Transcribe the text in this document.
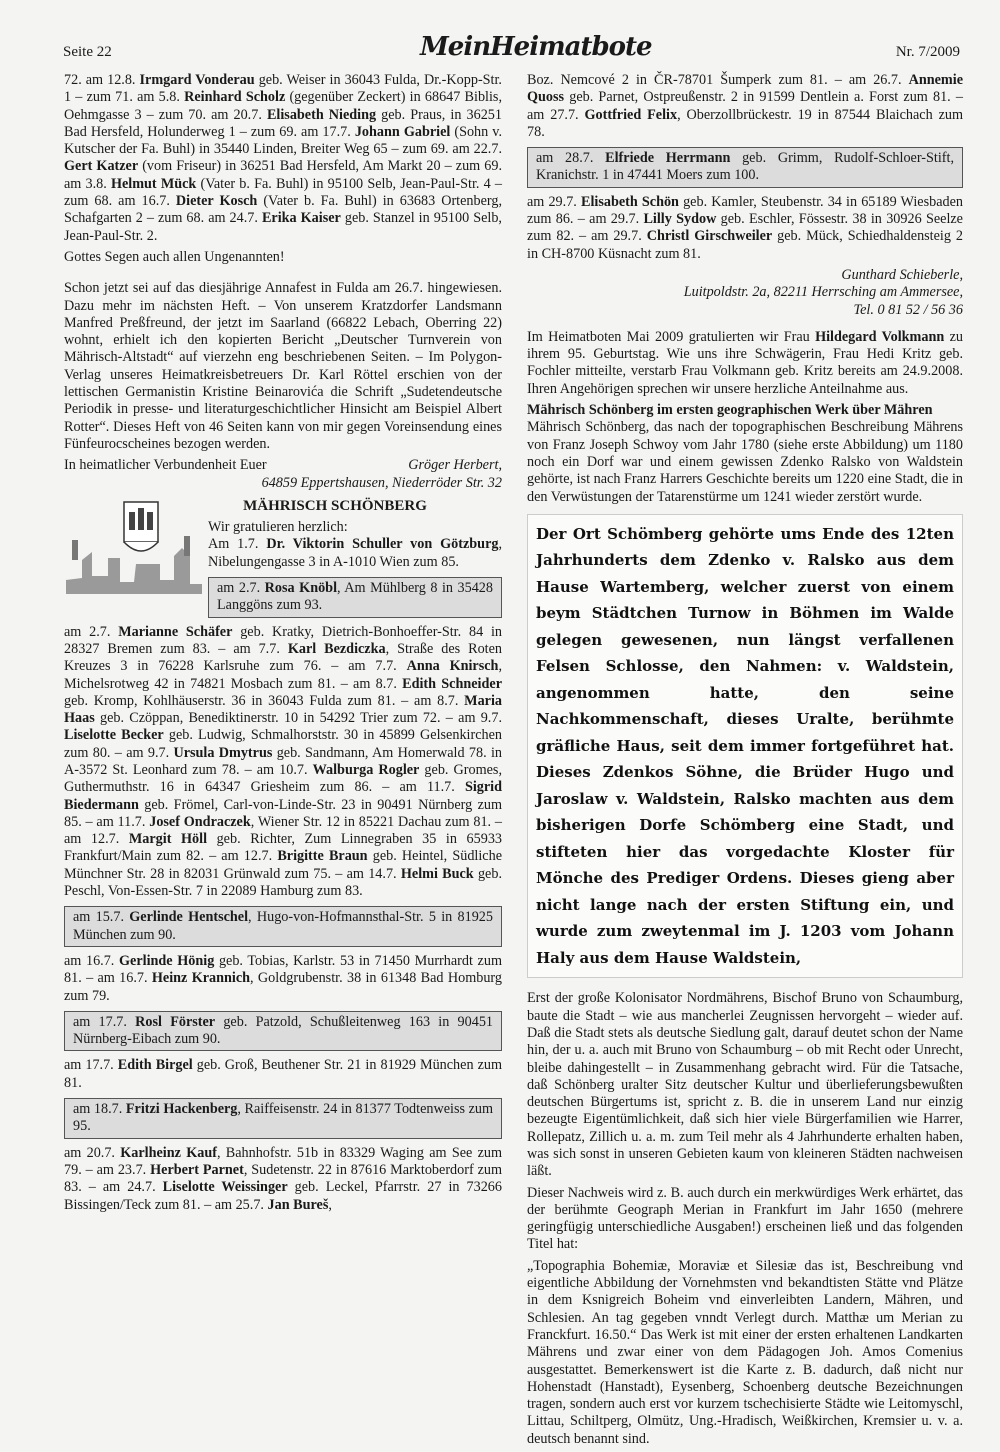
Seite 22	MeinHeimatbote	Nr. 7/2009

72. am 12.8. Irmgard Vonderau geb. Weiser in 36043 Fulda, Dr.-Kopp-Str. 1 – zum 71. am 5.8. Reinhard Scholz (gegenüber Zeckert) in 68647 Biblis, Oehmgasse 3 – zum 70. am 20.7. Elisabeth Nieding geb. Praus, in 36251 Bad Hersfeld, Holunderweg 1 – zum 69. am 17.7. Johann Gabriel (Sohn v. Kutscher der Fa. Buhl) in 35440 Linden, Breiter Weg 65 – zum 69. am 22.7. Gert Katzer (vom Friseur) in 36251 Bad Hersfeld, Am Markt 20 – zum 69. am 3.8. Helmut Mück (Vater b. Fa. Buhl) in 95100 Selb, Jean-Paul-Str. 4 – zum 68. am 16.7. Dieter Kosch (Vater b. Fa. Buhl) in 63683 Ortenberg, Schafgarten 2 – zum 68. am 24.7. Erika Kaiser geb. Stanzel in 95100 Selb, Jean-Paul-Str. 2.

Gottes Segen auch allen Ungenannten!

Schon jetzt sei auf das diesjährige Annafest in Fulda am 26.7. hingewiesen. Dazu mehr im nächsten Heft. – Von unserem Kratzdorfer Landsmann Manfred Preßfreund, der jetzt im Saarland (66822 Lebach, Oberring 22) wohnt, erhielt ich den kopierten Bericht „Deutscher Turnverein von Mährisch-Altstadt“ auf vierzehn eng beschriebenen Seiten. – Im Polygon-Verlag unseres Heimatkreisbetreuers Dr. Karl Röttel erschien von der lettischen Germanistin Kristine Beinarovića die Schrift „Sudetendeutsche Periodik in presse- und literaturgeschichtlicher Hinsicht am Beispiel Albert Rotter“. Dieses Heft von 46 Seiten kann von mir gegen Voreinsendung eines Fünfeurocscheines bezogen werden.

In heimatlicher Verbundenheit Euer	Gröger Herbert,
64859 Eppertshausen, Niederröder Str. 32
MÄHRISCH SCHÖNBERG
Wir gratulieren herzlich:

Am 1.7. Dr. Viktorin Schuller von Götzburg, Nibelungengasse 3 in A-1010 Wien zum 85.

am 2.7. Rosa Knöbl, Am Mühlberg 8 in 35428 Langgöns zum 93.

am 2.7. Marianne Schäfer geb. Kratky, Dietrich-Bonhoeffer-Str. 84 in 28327 Bremen zum 83. – am 7.7. Karl Bezdiczka, Straße des Roten Kreuzes 3 in 76228 Karlsruhe zum 76. – am 7.7. Anna Knirsch, Michelsrotweg 42 in 74821 Mosbach zum 81. – am 8.7. Edith Schneider geb. Kromp, Kohlhäuserstr. 36 in 36043 Fulda zum 81. – am 8.7. Maria Haas geb. Czöppan, Benediktinerstr. 10 in 54292 Trier zum 72. – am 9.7. Liselotte Becker geb. Ludwig, Schmalhorststr. 30 in 45899 Gelsenkirchen zum 80. – am 9.7. Ursula Dmytrus geb. Sandmann, Am Homerwald 78. in A-3572 St. Leonhard zum 78. – am 10.7. Walburga Rogler geb. Gromes, Guthermuthstr. 16 in 64347 Griesheim zum 86. – am 11.7. Sigrid Biedermann geb. Frömel, Carl-von-Linde-Str. 23 in 90491 Nürnberg zum 85. – am 11.7. Josef Ondraczek, Wiener Str. 12 in 85221 Dachau zum 81. – am 12.7. Margit Höll geb. Richter, Zum Linnegraben 35 in 65933 Frankfurt/Main zum 82. – am 12.7. Brigitte Braun geb. Heintel, Südliche Münchner Str. 28 in 82031 Grünwald zum 75. – am 14.7. Helmi Buck geb. Peschl, Von-Essen-Str. 7 in 22089 Hamburg zum 83.

am 15.7. Gerlinde Hentschel, Hugo-von-Hofmannsthal-Str. 5 in 81925 München zum 90.

am 16.7. Gerlinde Hönig geb. Tobias, Karlstr. 53 in 71450 Murrhardt zum 81. – am 16.7. Heinz Krannich, Goldgrubenstr. 38 in 61348 Bad Homburg zum 79.

am 17.7. Rosl Förster geb. Patzold, Schußleitenweg 163 in 90451 Nürnberg-Eibach zum 90.

am 17.7. Edith Birgel geb. Groß, Beuthener Str. 21 in 81929 München zum 81.

am 18.7. Fritzi Hackenberg, Raiffeisenstr. 24 in 81377 Todtenweiss zum 95.

am 20.7. Karlheinz Kauf, Bahnhofstr. 51b in 83329 Waging am See zum 79. – am 23.7. Herbert Parnet, Sudetenstr. 22 in 87616 Marktoberdorf zum 83. – am 24.7. Liselotte Weissinger geb. Leckel, Pfarrstr. 27 in 73266 Bissingen/Teck zum 81. – am 25.7. Jan Bureš,

Boz. Nemcové 2 in ČR-78701 Šumperk zum 81. – am 26.7. Annemie Quoss geb. Parnet, Ostpreußenstr. 2 in 91599 Dentlein a. Forst zum 81. – am 27.7. Gottfried Felix, Oberzollbrückestr. 19 in 87544 Blaichach zum 78.

am 28.7. Elfriede Herrmann geb. Grimm, Rudolf-Schloer-Stift, Kranichstr. 1 in 47441 Moers zum 100.

am 29.7. Elisabeth Schön geb. Kamler, Steubenstr. 34 in 65189 Wiesbaden zum 86. – am 29.7. Lilly Sydow geb. Eschler, Fössestr. 38 in 30926 Seelze zum 82. – am 29.7. Christl Girschweiler geb. Mück, Schiedhaldensteig 2 in CH-8700 Küsnacht zum 81.

Gunthard Schieberle,
Luitpoldstr. 2a, 82211 Herrsching am Ammersee,
Tel. 0 81 52 / 56 36

Im Heimatboten Mai 2009 gratulierten wir Frau Hildegard Volkmann zu ihrem 95. Geburtstag. Wie uns ihre Schwägerin, Frau Hedi Kritz geb. Fochler mitteilte, verstarb Frau Volkmann geb. Kritz bereits am 24.9.2008. Ihren Angehörigen sprechen wir unsere herzliche Anteilnahme aus.

Mährisch Schönberg im ersten geographischen Werk über Mähren

Mährisch Schönberg, das nach der topographischen Beschreibung Mährens von Franz Joseph Schwoy vom Jahr 1780 (siehe erste Abbildung) um 1180 noch ein Dorf war und einem gewissen Zdenko Ralsko von Waldstein gehörte, ist nach Franz Harrers Geschichte bereits um 1220 eine Stadt, die in den Verwüstungen der Tatarenstürme um 1241 wieder zerstört wurde.

Der Ort Schömberg gehörte ums Ende des 12ten Jahrhunderts dem Zdenko v. Ralsko aus dem Hause Wartemberg, welcher zuerst von einem beym Städtchen Turnow in Böhmen im Walde gelegen gewesenen, nun längst verfallenen Felsen Schlosse, den Nahmen: v. Waldstein, angenommen hatte, den seine Nachkommenschaft, dieses Uralte, berühmte gräfliche Haus, seit dem immer fortgeführet hat. Dieses Zdenkos Söhne, die Brüder Hugo und Jaroslaw v. Waldstein, Ralsko machten aus dem bisherigen Dorfe Schömberg eine Stadt, und stifteten hier das vorgedachte Kloster für Mönche des Prediger Ordens. Dieses gieng aber nicht lange nach der ersten Stiftung ein, und wurde zum zweytenmal im J. 1203 vom Johann Haly aus dem Hause Waldstein,

Erst der große Kolonisator Nordmährens, Bischof Bruno von Schaumburg, baute die Stadt – wie aus mancherlei Zeugnissen hervorgeht – wieder auf. Daß die Stadt stets als deutsche Siedlung galt, darauf deutet schon der Name hin, der u. a. auch mit Bruno von Schaumburg – ob mit Recht oder Unrecht, bleibe dahingestellt – in Zusammenhang gebracht wird. Für die Tatsache, daß Schönberg uralter Sitz deutscher Kultur und überlieferungsbewußten deutschen Bürgertums ist, spricht z. B. die in unserem Land nur einzig bezeugte Eigentümlichkeit, daß sich hier viele Bürgerfamilien wie Harrer, Rollepatz, Zillich u. a. m. zum Teil mehr als 4 Jahrhunderte erhalten haben, was sich sonst in unseren Gebieten kaum von kleineren Städten nachweisen läßt.

Dieser Nachweis wird z. B. auch durch ein merkwürdiges Werk erhärtet, das der berühmte Geograph Merian in Frankfurt im Jahr 1650 (mehrere geringfügig unterschiedliche Ausgaben!) erscheinen ließ und das folgenden Titel hat:

„Topographia Bohemiæ, Moraviæ et Silesiæ das ist, Beschreibung vnd eigentliche Abbildung der Vornehmsten vnd bekandtisten Stätte vnd Plätze in dem Ksnigreich Boheim vnd einverleibten Landern, Mähren, und Schlesien. An tag gegeben vnndt Verlegt durch. Matthæ um Merian zu Franckfurt. 16.50.“ Das Werk ist mit einer der ersten erhaltenen Landkarten Mährens und zwar einer von dem Pädagogen Joh. Amos Comenius ausgestattet. Bemerkenswert ist die Karte z. B. dadurch, daß nicht nur Hohenstadt (Hanstadt), Eysenberg, Schoenberg deutsche Bezeichnungen tragen, sondern auch erst vor kurzem tschechisierte Städte wie Leitomyschl, Littau, Schiltperg, Olmütz, Ung.-Hradisch, Weißkirchen, Kremsier u. v. a. deutsch benannt sind.
